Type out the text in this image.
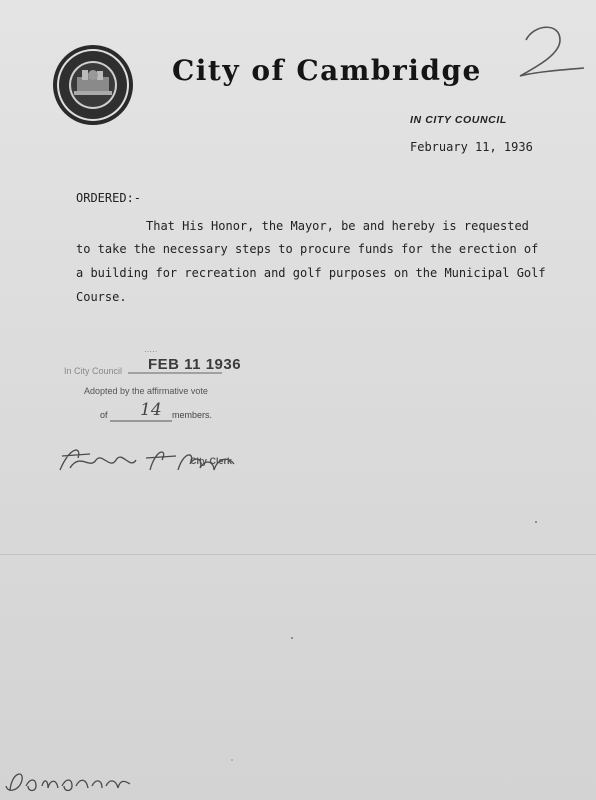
City of Cambridge
IN CITY COUNCIL
February 11, 1936
ORDERED:-
That His Honor, the Mayor, be and hereby is requested
to take the necessary steps to procure funds for the erection of
a building for recreation and golf purposes on the Municipal Golf
Course.
In City Council FEB 11 1936
Adopted by the affirmative vote
of 14 members.
City Clerk
·····
